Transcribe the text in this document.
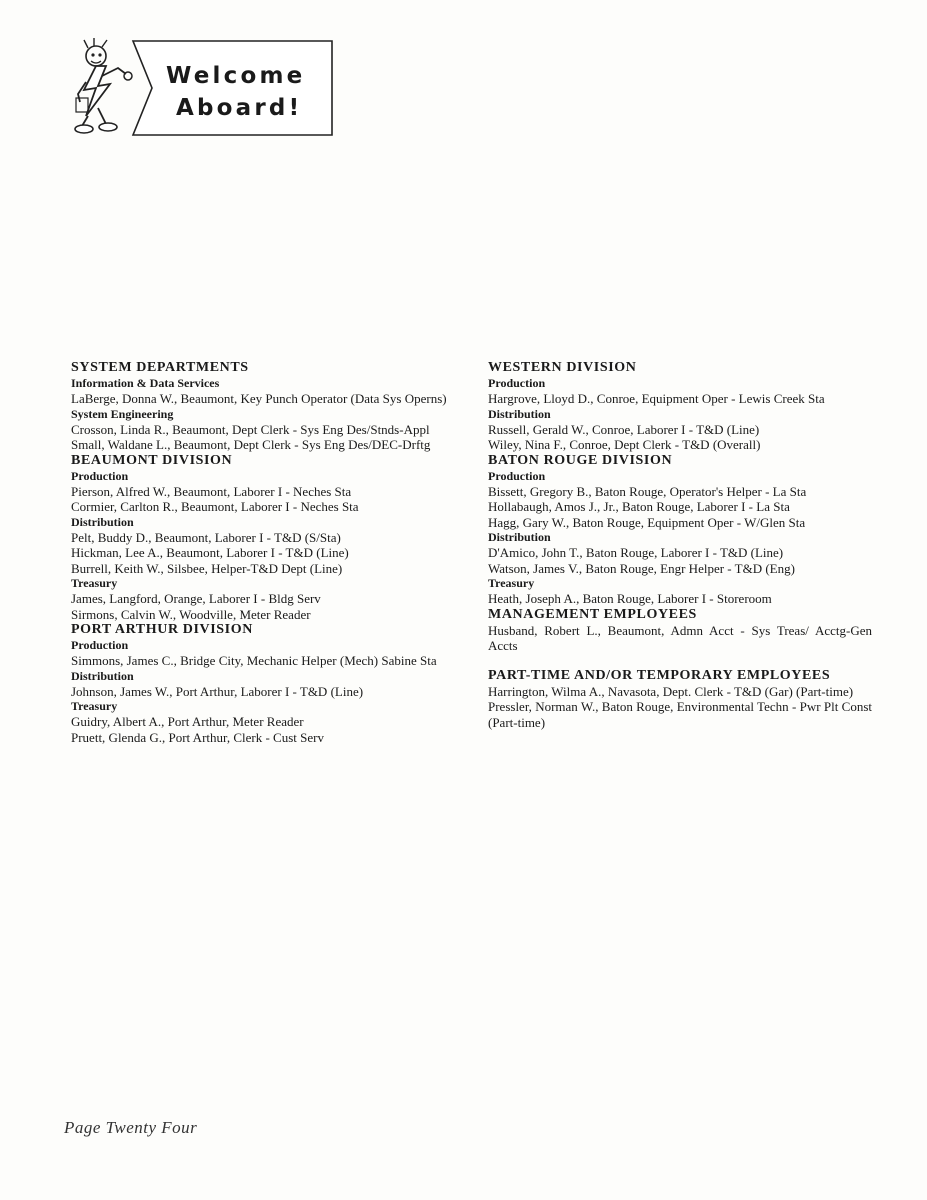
Welcome
Aboard!

SYSTEM DEPARTMENTS

Information & Data Services

LaBerge, Donna W., Beaumont, Key Punch Operator (Data Sys Operns)

System Engineering

Crosson, Linda R., Beaumont, Dept Clerk - Sys Eng Des/Stnds-Appl

Small, Waldane L., Beaumont, Dept Clerk - Sys Eng Des/DEC-Drftg

BEAUMONT DIVISION

Production

Pierson, Alfred W., Beaumont, Laborer I - Neches Sta

Cormier, Carlton R., Beaumont, Laborer I - Neches Sta

Distribution

Pelt, Buddy D., Beaumont, Laborer I - T&D (S/Sta)

Hickman, Lee A., Beaumont, Laborer I - T&D (Line)

Burrell, Keith W., Silsbee, Helper-T&D Dept (Line)

Treasury

James, Langford, Orange, Laborer I - Bldg Serv

Sirmons, Calvin W., Woodville, Meter Reader

PORT ARTHUR DIVISION

Production

Simmons, James C., Bridge City, Mechanic Helper (Mech) Sabine Sta

Distribution

Johnson, James W., Port Arthur, Laborer I - T&D (Line)

Treasury

Guidry, Albert A., Port Arthur, Meter Reader

Pruett, Glenda G., Port Arthur, Clerk - Cust Serv

WESTERN DIVISION

Production

Hargrove, Lloyd D., Conroe, Equipment Oper - Lewis Creek Sta

Distribution

Russell, Gerald W., Conroe, Laborer I - T&D (Line)

Wiley, Nina F., Conroe, Dept Clerk - T&D (Overall)

BATON ROUGE DIVISION

Production

Bissett, Gregory B., Baton Rouge, Operator's Helper - La Sta

Hollabaugh, Amos J., Jr., Baton Rouge, Laborer I - La Sta

Hagg, Gary W., Baton Rouge, Equipment Oper - W/Glen Sta

Distribution

D'Amico, John T., Baton Rouge, Laborer I - T&D (Line)

Watson, James V., Baton Rouge, Engr Helper - T&D (Eng)

Treasury

Heath, Joseph A., Baton Rouge, Laborer I - Storeroom

MANAGEMENT EMPLOYEES

Husband, Robert L., Beaumont, Admn Acct - Sys Treas/ Acctg-Gen Accts

PART-TIME AND/OR TEMPORARY EMPLOYEES

Harrington, Wilma A., Navasota, Dept. Clerk - T&D (Gar) (Part-time)

Pressler, Norman W., Baton Rouge, Environmental Techn - Pwr Plt Const (Part-time)

Page Twenty Four
